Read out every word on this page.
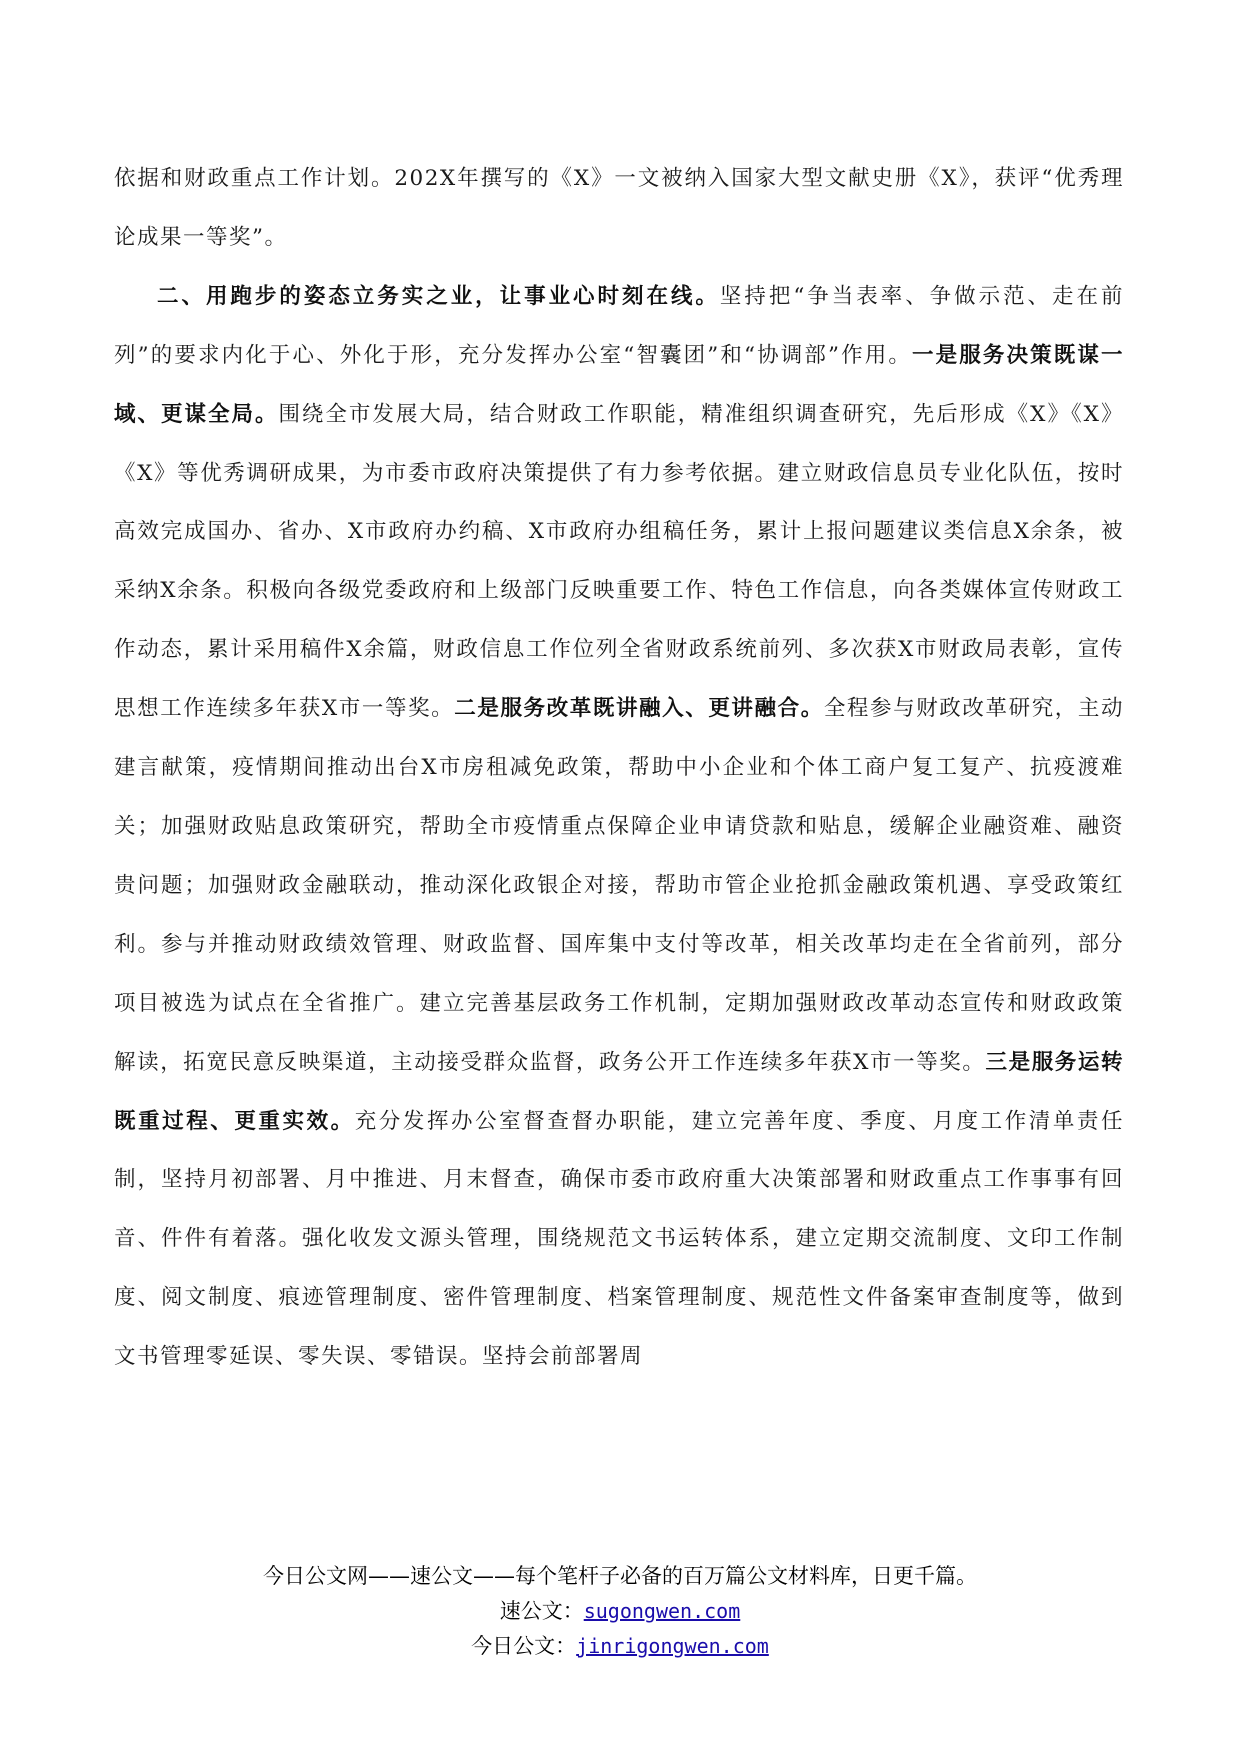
依据和财政重点工作计划。202X年撰写的《X》一文被纳入国家大型文献史册《X》，获评“优秀理论成果一等奖”。

二、用跑步的姿态立务实之业，让事业心时刻在线。坚持把“争当表率、争做示范、走在前列”的要求内化于心、外化于形，充分发挥办公室“智囊团”和“协调部”作用。一是服务决策既谋一域、更谋全局。围绕全市发展大局，结合财政工作职能，精准组织调查研究，先后形成《X》《X》《X》等优秀调研成果，为市委市政府决策提供了有力参考依据。建立财政信息员专业化队伍，按时高效完成国办、省办、X市政府办约稿、X市政府办组稿任务，累计上报问题建议类信息X余条，被采纳X余条。积极向各级党委政府和上级部门反映重要工作、特色工作信息，向各类媒体宣传财政工作动态，累计采用稿件X余篇，财政信息工作位列全省财政系统前列、多次获X市财政局表彰，宣传思想工作连续多年获X市一等奖。二是服务改革既讲融入、更讲融合。全程参与财政改革研究，主动建言献策，疫情期间推动出台X市房租减免政策，帮助中小企业和个体工商户复工复产、抗疫渡难关；加强财政贴息政策研究，帮助全市疫情重点保障企业申请贷款和贴息，缓解企业融资难、融资贵问题；加强财政金融联动，推动深化政银企对接，帮助市管企业抢抓金融政策机遇、享受政策红利。参与并推动财政绩效管理、财政监督、国库集中支付等改革，相关改革均走在全省前列，部分项目被选为试点在全省推广。建立完善基层政务工作机制，定期加强财政改革动态宣传和财政政策解读，拓宽民意反映渠道，主动接受群众监督，政务公开工作连续多年获X市一等奖。三是服务运转既重过程、更重实效。充分发挥办公室督查督办职能，建立完善年度、季度、月度工作清单责任制，坚持月初部署、月中推进、月末督查，确保市委市政府重大决策部署和财政重点工作事事有回音、件件有着落。强化收发文源头管理，围绕规范文书运转体系，建立定期交流制度、文印工作制度、阅文制度、痕迹管理制度、密件管理制度、档案管理制度、规范性文件备案审查制度等，做到文书管理零延误、零失误、零错误。坚持会前部署周

今日公文网——速公文——每个笔杆子必备的百万篇公文材料库，日更千篇。
速公文：sugongwen.com
今日公文：jinrigongwen.com
